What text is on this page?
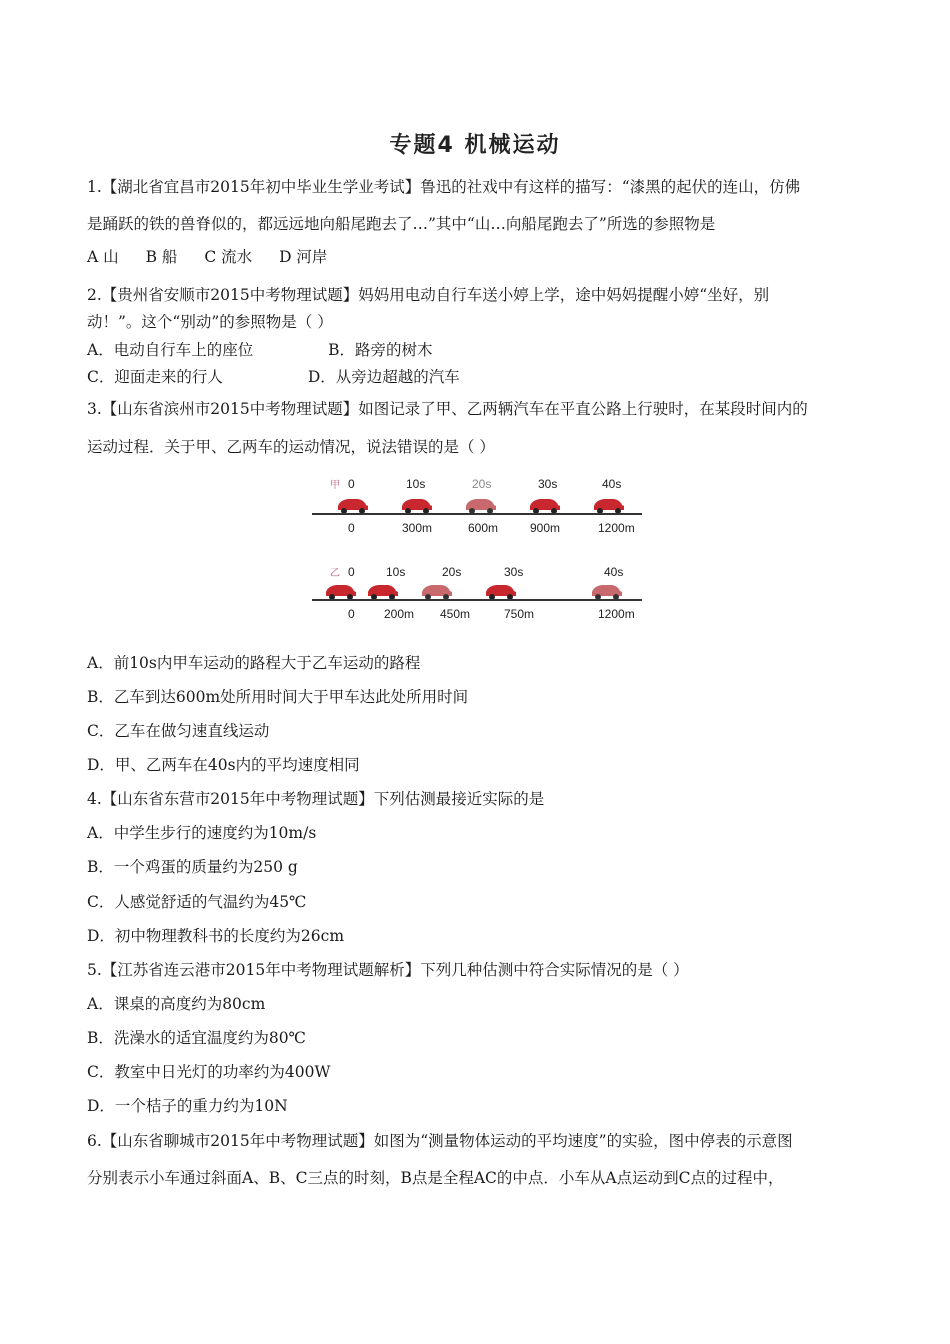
专题4 机械运动
1.【湖北省宜昌市2015年初中毕业生学业考试】鲁迅的社戏中有这样的描写：“漆黑的起伏的连山，仿佛
是踊跃的铁的兽脊似的，都远远地向船尾跑去了…”其中“山…向船尾跑去了”所选的参照物是
A 山 B 船 C 流水 D 河岸
2.【贵州省安顺市2015中考物理试题】妈妈用电动自行车送小婷上学，途中妈妈提醒小婷“坐好，别
动！”。这个“别动”的参照物是（ ）
A．电动自行车上的座位	B．路旁的树木
C．迎面走来的行人	D．从旁边超越的汽车
3.【山东省滨州市2015中考物理试题】如图记录了甲、乙两辆汽车在平直公路上行驶时，在某段时间内的
运动过程．关于甲、乙两车的运动情况，说法错误的是（ ）
甲 0	10s	20s	30s	40s
0	300m	600m	900m	1200m
乙 0	10s	20s	30s	40s
0 200m 450m	750m	1200m
A．前10s内甲车运动的路程大于乙车运动的路程
B．乙车到达600m处所用时间大于甲车达此处所用时间
C．乙车在做匀速直线运动
D．甲、乙两车在40s内的平均速度相同
4.【山东省东营市2015年中考物理试题】下列估测最接近实际的是
A．中学生步行的速度约为10m/s
B．一个鸡蛋的质量约为250 g
C．人感觉舒适的气温约为45℃
D．初中物理教科书的长度约为26cm
5.【江苏省连云港市2015年中考物理试题解析】下列几种估测中符合实际情况的是（ ）
A．课桌的高度约为80cm
B．洗澡水的适宜温度约为80℃
C．教室中日光灯的功率约为400W
D．一个桔子的重力约为10N
6.【山东省聊城市2015年中考物理试题】如图为“测量物体运动的平均速度”的实验，图中停表的示意图
分别表示小车通过斜面A、B、C三点的时刻，B点是全程AC的中点．小车从A点运动到C点的过程中，
